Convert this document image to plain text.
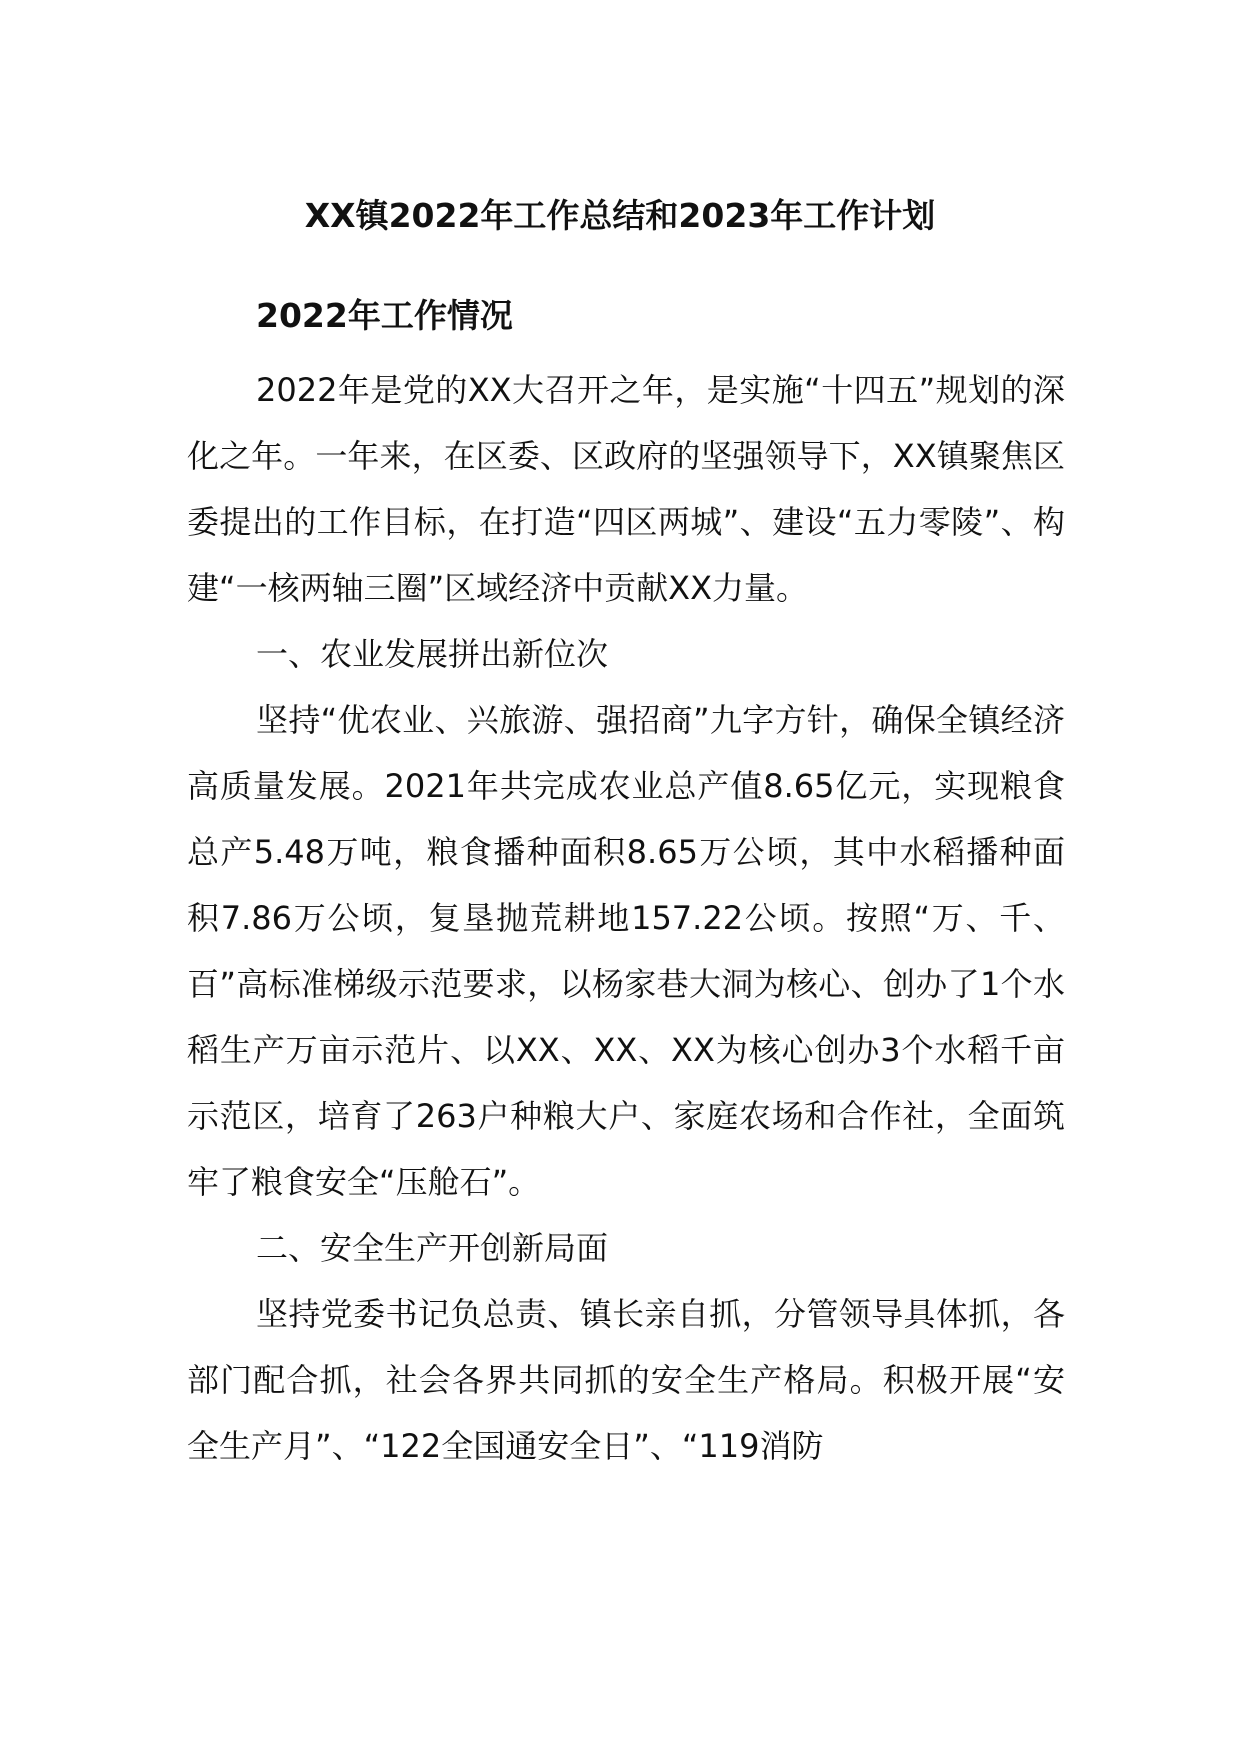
XX镇2022年工作总结和2023年工作计划
2022年工作情况

2022年是党的XX大召开之年，是实施“十四五”规划的深化之年。一年来，在区委、区政府的坚强领导下，XX镇聚焦区委提出的工作目标，在打造“四区两城”、建设“五力零陵”、构建“一核两轴三圈”区域经济中贡献XX力量。

一、农业发展拼出新位次

坚持“优农业、兴旅游、强招商”九字方针，确保全镇经济高质量发展。2021年共完成农业总产值8.65亿元，实现粮食总产5.48万吨，粮食播种面积8.65万公顷，其中水稻播种面积7.86万公顷，复垦抛荒耕地157.22公顷。按照“万、千、百”高标准梯级示范要求，以杨家巷大洞为核心、创办了1个水稻生产万亩示范片、以XX、XX、XX为核心创办3个水稻千亩示范区，培育了263户种粮大户、家庭农场和合作社，全面筑牢了粮食安全“压舱石”。

二、安全生产开创新局面

坚持党委书记负总责、镇长亲自抓，分管领导具体抓，各部门配合抓，社会各界共同抓的安全生产格局。积极开展“安全生产月”、“122全国通安全日”、“119消防
